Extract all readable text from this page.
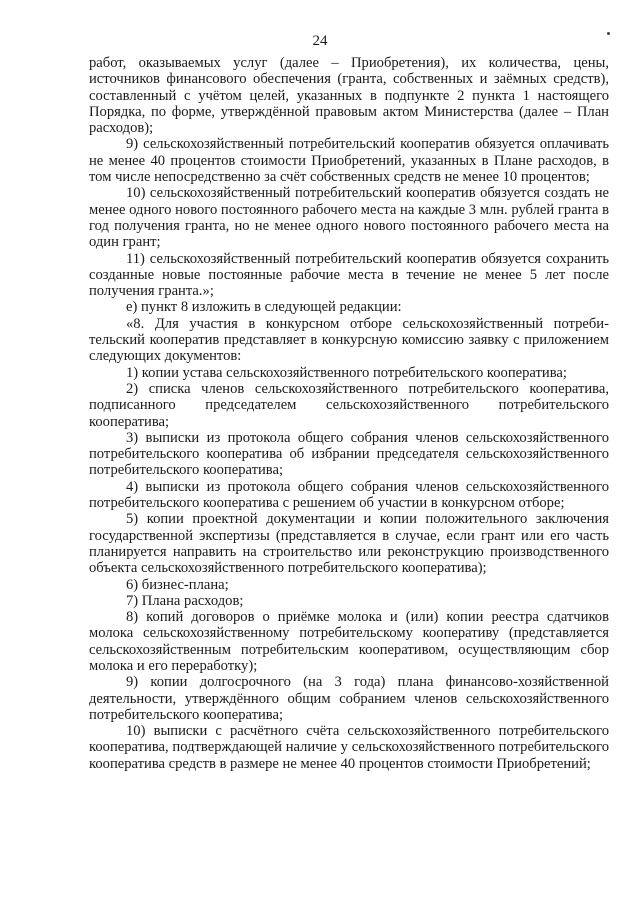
24

работ, оказываемых услуг (далее – Приобретения), их количества, цены, источников финансового обеспечения (гранта, собственных и заёмных средств), составленный с учётом целей, указанных в подпункте 2 пункта 1 настоящего Порядка, по форме, утверждённой правовым актом Министерства (далее – План расходов);

9) сельскохозяйственный потребительский кооператив обязуется оплачивать не менее 40 процентов стоимости Приобретений, указанных в Плане расходов, в том числе непосредственно за счёт собственных средств не менее 10 процентов;

10) сельскохозяйственный потребительский кооператив обязуется создать не менее одного нового постоянного рабочего места на каждые 3 млн. рублей гранта в год получения гранта, но не менее одного нового постоянного рабочего места на один грант;

11) сельскохозяйственный потребительский кооператив обязуется сохранить созданные новые постоянные рабочие места в течение не менее 5 лет после получения гранта.»;

е) пункт 8 изложить в следующей редакции:

«8. Для участия в конкурсном отборе сельскохозяйственный потребительский кооператив представляет в конкурсную комиссию заявку с приложением следующих документов:

1) копии устава сельскохозяйственного потребительского кооператива;

2) списка членов сельскохозяйственного потребительского кооператива, подписанного председателем сельскохозяйственного потребительского кооператива;

3) выписки из протокола общего собрания членов сельскохозяйственного потребительского кооператива об избрании председателя сельскохозяйственного потребительского кооператива;

4) выписки из протокола общего собрания членов сельскохозяйственного потребительского кооператива с решением об участии в конкурсном отборе;

5) копии проектной документации и копии положительного заключения государственной экспертизы (представляется в случае, если грант или его часть планируется направить на строительство или реконструкцию производственного объекта сельскохозяйственного потребительского кооператива);

6) бизнес-плана;

7) Плана расходов;

8) копий договоров о приёмке молока и (или) копии реестра сдатчиков молока сельскохозяйственному потребительскому кооперативу (представляется сельскохозяйственным потребительским кооперативом, осуществляющим сбор молока и его переработку);

9) копии долгосрочного (на 3 года) плана финансово-хозяйственной деятельности, утверждённого общим собранием членов сельскохозяйственного потребительского кооператива;

10) выписки с расчётного счёта сельскохозяйственного потребительского кооператива, подтверждающей наличие у сельскохозяйственного потребительского кооператива средств в размере не менее 40 процентов стоимости Приобретений;
